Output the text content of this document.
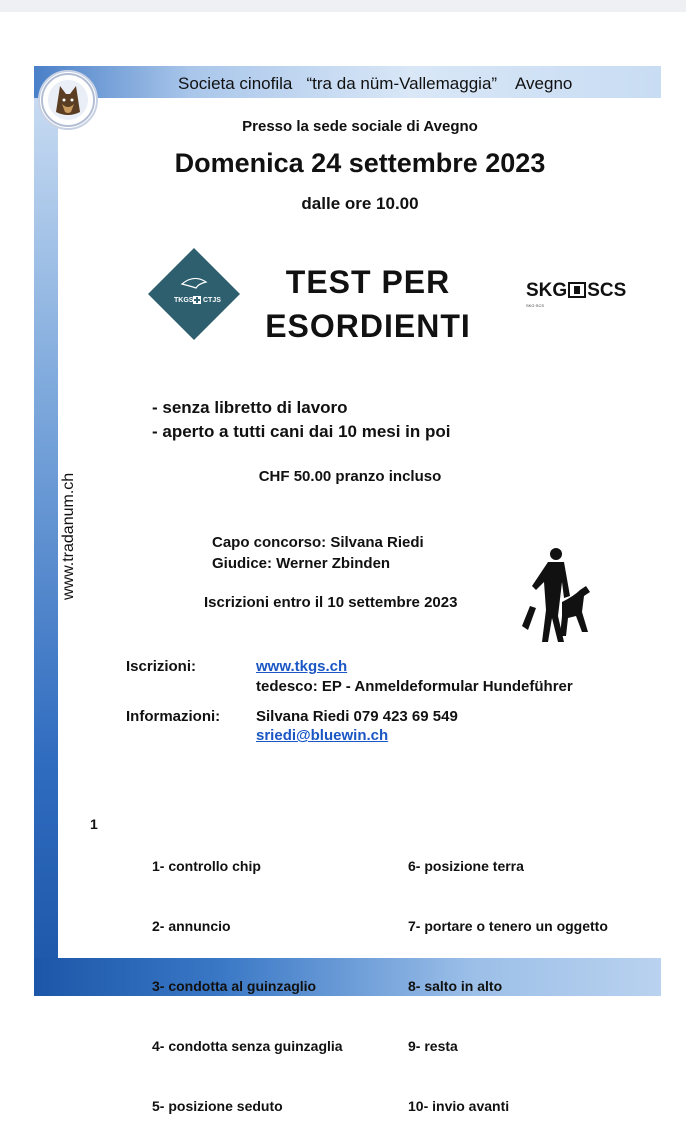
Societa cinofila   “tra da nüm-Vallemaggia”    Avegno
www.tradanum.ch
Presso la sede sociale di Avegno
Domenica 24 settembre 2023
dalle ore 10.00
TKGS CTJS
TEST PER
ESORDIENTI
SKG SCS
SKG·SCS
- senza libretto di lavoro
- aperto a tutti cani dai 10 mesi in poi
CHF 50.00 pranzo incluso
Capo concorso: Silvana Riedi
Giudice: Werner Zbinden
Iscrizioni entro il 10 settembre 2023
Iscrizioni:	www.tkgs.ch
tedesco: EP - Anmeldeformular Hundeführer
Informazioni: Silvana Riedi 079 423 69 549
sriedi@bluewin.ch
1

1- controllo chip

2- annuncio

3- condotta al guinzaglio

4- condotta senza guinzaglia

5- posizione seduto

6- posizione terra

7- portare o tenero un oggetto

8- salto in alto

9- resta

10- invio avanti
